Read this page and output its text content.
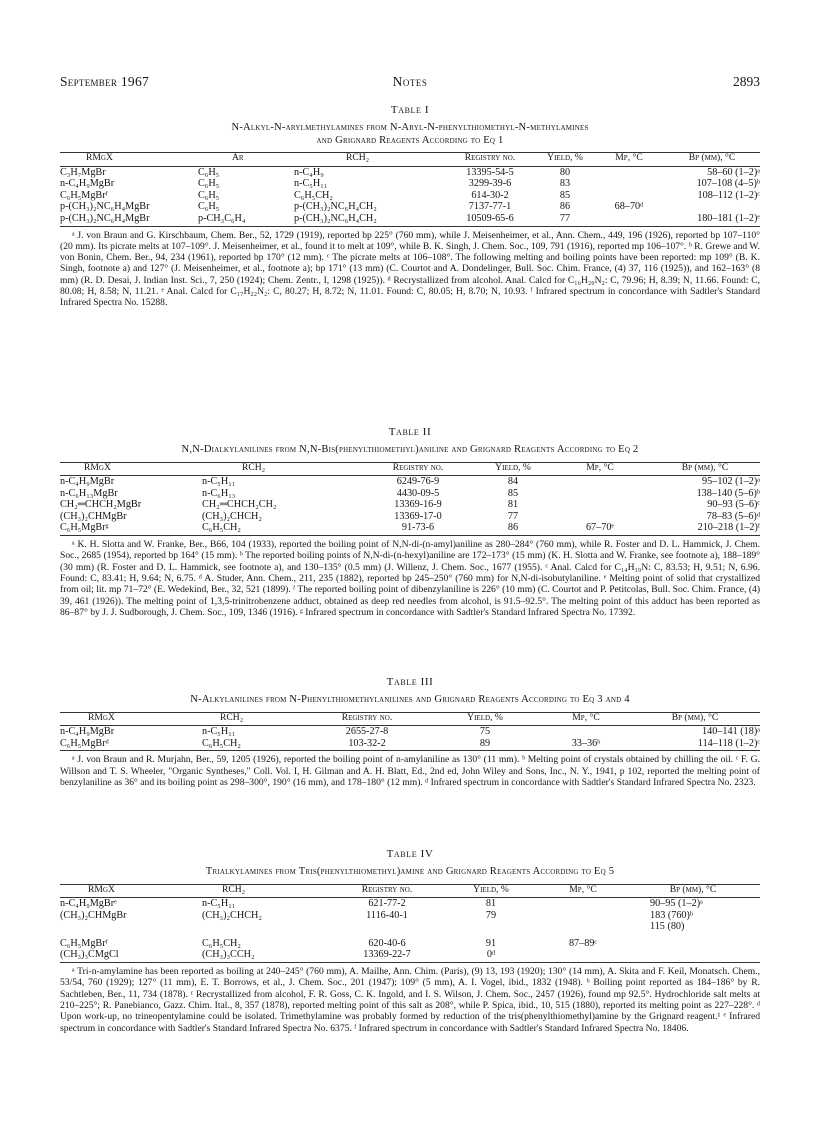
September 1967	Notes	2893
Table I
N-Alkyl-N-arylmethylamines from N-Aryl-N-phenylthiomethyl-N-methylamines
and Grignard Reagents According to Eq 1
RMgX	Ar	RCH₂	Registry no.	Yield, %	Mp, °C	Bp (mm), °C
C₃H₇MgBr	C₆H₅	n-C₄H₉	13395-54-5	80		58–60 (1–2)ᵃ
n-C₄H₉MgBr	C₆H₅	n-C₅H₁₁	3299-39-6	83		107–108 (4–5)ᵇ
C₆H₅MgBrᶠ	C₆H₅	C₆H₅CH₂	614-30-2	85		108–112 (1–2)ᶜ
p-(CH₃)₂NC₆H₄MgBr	C₆H₅	p-(CH₃)₂NC₆H₄CH₂	7137-77-1	86	68–70ᵈ	
p-(CH₃)₂NC₆H₄MgBr	p-CH₃C₆H₄	p-(CH₃)₂NC₆H₄CH₂	10509-65-6	77		180–181 (1–2)ᵉ
ᵃ J. von Braun and G. Kirschbaum, Chem. Ber., 52, 1729 (1919), reported bp 225° (760 mm), while J. Meisenheimer, et al., Ann. Chem., 449, 196 (1926), reported bp 107–110° (20 mm). Its picrate melts at 107–109°. J. Meisenheimer, et al., found it to melt at 109°, while B. K. Singh, J. Chem. Soc., 109, 791 (1916), reported mp 106–107°. ᵇ R. Grewe and W. von Bonin, Chem. Ber., 94, 234 (1961), reported bp 170° (12 mm). ᶜ The picrate melts at 106–108°. The following melting and boiling points have been reported: mp 109° (B. K. Singh, footnote a) and 127° (J. Meisenheimer, et al., footnote a); bp 171° (13 mm) (C. Courtot and A. Dondelinger, Bull. Soc. Chim. France, (4) 37, 116 (1925)), and 162–163° (8 mm) (R. D. Desai, J. Indian Inst. Sci., 7, 250 (1924); Chem. Zentr., I, 1298 (1925)). ᵈ Recrystallized from alcohol. Anal. Calcd for C₁₆H₂₀N₂: C, 79.96; H, 8.39; N, 11.66. Found: C, 80.08; H, 8.58; N, 11.21. ᵉ Anal. Calcd for C₁₇H₂₂N₂: C, 80.27; H, 8.72; N, 11.01. Found: C, 80.05; H, 8.70; N, 10.93. ᶠ Infrared spectrum in concordance with Sadtler's Standard Infrared Spectra No. 15288.
Table II
N,N-Dialkylanilines from N,N-Bis(phenylthiomethyl)aniline and Grignard Reagents According to Eq 2
RMgX	RCH₂	Registry no.	Yield, %	Mp, °C	Bp (mm), °C
n-C₄H₉MgBr	n-C₅H₁₁	6249-76-9	84		95–102 (1–2)ᵃ
n-C₆H₁₃MgBr	n-C₆H₁₃	4430-09-5	85		138–140 (5–6)ᵇ
CH₂═CHCH₂MgBr	CH₂═CHCH₂CH₂	13369-16-9	81		90–93 (5–6)ᶜ
(CH₃)₂CHMgBr	(CH₃)₂CHCH₂	13369-17-0	77		78–83 (5–6)ᵈ
C₆H₅MgBrᵍ	C₆H₅CH₂	91-73-6	86	67–70ᵉ	210–218 (1–2)ᶠ
ᵃ K. H. Slotta and W. Franke, Ber., B66, 104 (1933), reported the boiling point of N,N-di-(n-amyl)aniline as 280–284° (760 mm), while R. Foster and D. L. Hammick, J. Chem. Soc., 2685 (1954), reported bp 164° (15 mm). ᵇ The reported boiling points of N,N-di-(n-hexyl)aniline are 172–173° (15 mm) (K. H. Slotta and W. Franke, see footnote a), 188–189° (30 mm) (R. Foster and D. L. Hammick, see footnote a), and 130–135° (0.5 mm) (J. Willenz, J. Chem. Soc., 1677 (1955). ᶜ Anal. Calcd for C₁₄H₁₉N: C, 83.53; H, 9.51; N, 6.96. Found: C, 83.41; H, 9.64; N, 6.75. ᵈ A. Studer, Ann. Chem., 211, 235 (1882), reported bp 245–250° (760 mm) for N,N-di-isobutylaniline. ᵉ Melting point of solid that crystallized from oil; lit. mp 71–72° (E. Wedekind, Ber., 32, 521 (1899). ᶠ The reported boiling point of dibenzylaniline is 226° (10 mm) (C. Courtot and P. Petitcolas, Bull. Soc. Chim. France, (4) 39, 461 (1926)). The melting point of 1,3,5-trinitrobenzene adduct, obtained as deep red needles from alcohol, is 91.5–92.5°. The melting point of this adduct has been reported as 86–87° by J. J. Sudborough, J. Chem. Soc., 109, 1346 (1916). ᵍ Infrared spectrum in concordance with Sadtler's Standard Infrared Spectra No. 17392.
Table III
N-Alkylanilines from N-Phenylthiomethylanilines and Grignard Reagents According to Eq 3 and 4
RMgX	RCH₂	Registry no.	Yield, %	Mp, °C	Bp (mm), °C
n-C₄H₉MgBr	n-C₅H₁₁	2655-27-8	75		140–141 (18)ᵃ
C₆H₅MgBrᵈ	C₆H₅CH₂	103-32-2	89	33–36ᵇ	114–118 (1–2)ᶜ
ᵃ J. von Braun and R. Murjahn, Ber., 59, 1205 (1926), reported the boiling point of n-amylaniline as 130° (11 mm). ᵇ Melting point of crystals obtained by chilling the oil. ᶜ F. G. Willson and T. S. Wheeler, "Organic Syntheses," Coll. Vol. I, H. Gilman and A. H. Blatt, Ed., 2nd ed, John Wiley and Sons, Inc., N. Y., 1941, p 102, reported the melting point of benzylaniline as 36° and its boiling point as 298–300°, 190° (16 mm), and 178–180° (12 mm). ᵈ Infrared spectrum in concordance with Sadtler's Standard Infrared Spectra No. 2323.
Table IV
Trialkylamines from Tris(phenylthiomethyl)amine and Grignard Reagents According to Eq 5
RMgX	RCH₂	Registry no.	Yield, %	Mp, °C	Bp (mm), °C
n-C₄H₉MgBrᵉ	n-C₅H₁₁	621-77-2	81		90–95 (1–2)ᵃ
(CH₃)₂CHMgBr	(CH₃)₂CHCH₂	1116-40-1	79		183 (760)ᵇ
					115 (80)
C₆H₅MgBrᶠ	C₆H₅CH₂	620-40-6	91	87–89ᶜ	
(CH₃)₃CMgCl	(CH₃)₃CCH₂	13369-22-7	0ᵈ		
ᵃ Tri-n-amylamine has been reported as boiling at 240–245° (760 mm), A. Mailhe, Ann. Chim. (Paris), (9) 13, 193 (1920); 130° (14 mm), A. Skita and F. Keil, Monatsch. Chem., 53/54, 760 (1929); 127° (11 mm), E. T. Borrows, et al., J. Chem. Soc., 201 (1947); 109° (5 mm), A. I. Vogel, ibid., 1832 (1948). ᵇ Boiling point reported as 184–186° by R. Sachtleben, Ber., 11, 734 (1878). ᶜ Recrystallized from alcohol, F. R. Goss, C. K. Ingold, and I. S. Wilson, J. Chem. Soc., 2457 (1926), found mp 92.5°. Hydrochloride salt melts at 210–225°; R. Panebianco, Gazz. Chim. Ital., 8, 357 (1878), reported melting point of this salt as 208°, while P. Spica, ibid., 10, 515 (1880), reported its melting point as 227–228°. ᵈ Upon work-up, no trineopentylamine could be isolated. Trimethylamine was probably formed by reduction of the tris(phenylthiomethyl)amine by the Grignard reagent.¹ ᵉ Infrared spectrum in concordance with Sadtler's Standard Infrared Spectra No. 6375. ᶠ Infrared spectrum in concordance with Sadtler's Standard Infrared Spectra No. 18406.
